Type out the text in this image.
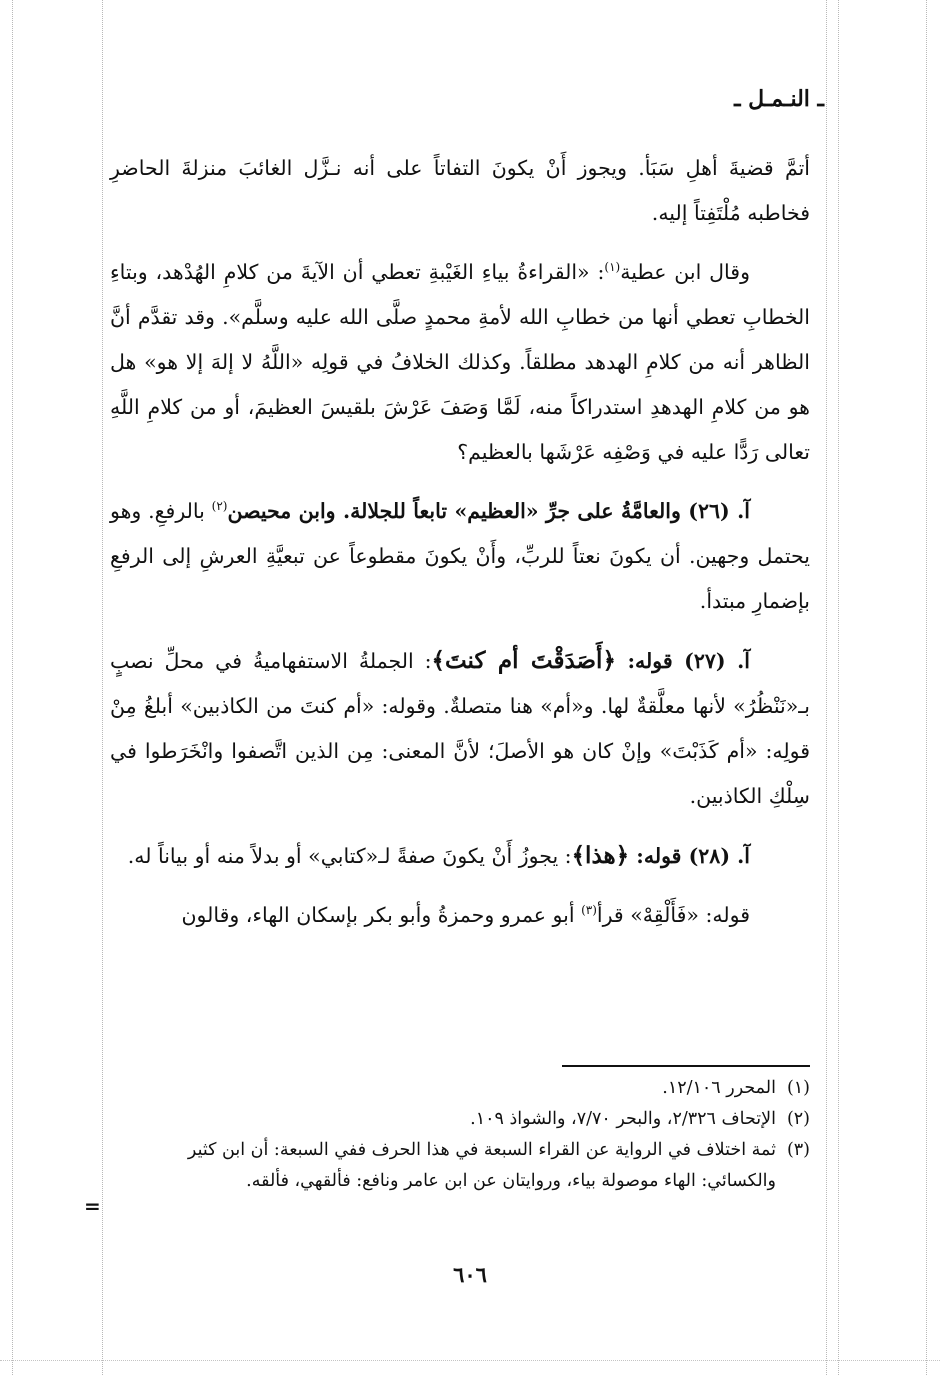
ـ النـمـل ـ

أتمَّ قضيةَ أهلِ سَبَأ. ويجوز أَنْ يكونَ التفاتاً على أنه نـزَّل الغائبَ منزلةَ الحاضرِ فخاطبه مُلْتَفِتاً إليه.

وقال ابن عطية$^{(١)}$: «القراءةُ بياءِ الغَيْبةِ تعطي أن الآيةَ من كلامِ الهُدْهد، وبتاءِ الخطابِ تعطي أنها من خطابِ الله لأمةِ محمدٍ صلَّى الله عليه وسلَّم». وقد تقدَّم أنَّ الظاهر أنه من كلامِ الهدهد مطلقاً. وكذلك الخلافُ في قولِه «اللَّهُ لا إلهَ إلا هو» هل هو من كلامِ الهدهدِ استدراكاً منه، لَمَّا وَصَفَ عَرْشَ بلقيسَ العظيمَ، أو من كلامِ اللَّهِ تعالى رَدًّا عليه في وَصْفِه عَرْشَها بالعظيم؟

آ. (٢٦) والعامَّةُ على جرِّ «العظيم» تابعاً للجلالة. وابن محيصن$^{(٢)}$ بالرفعِ. وهو يحتمل وجهين. أن يكونَ نعتاً للربِّ، وأَنْ يكونَ مقطوعاً عن تبعيَّةِ العرشِ إلى الرفعِ بإضمارِ مبتدأ.

آ. (٢٧) قوله: ﴿أَصَدَقْتَ أم كنتَ﴾: الجملةُ الاستفهاميةُ في محلِّ نصبٍ بـ«نَنْظُرُ» لأنها معلَّقةٌ لها. و«أم» هنا متصلةٌ. وقوله: «أم كنتَ من الكاذبين» أبلغُ مِنْ قولِه: «أم كَذَبْتَ» وإنْ كان هو الأصلَ؛ لأنَّ المعنى: مِن الذين اتَّصفوا وانْخَرَطوا في سِلْكِ الكاذبين.

آ. (٢٨) قوله: ﴿هذا﴾: يجوزُ أَنْ يكونَ صفةً لـ«كتابي» أو بدلاً منه أو بياناً له.

قوله: «فَأَلْقِهْ» قرأ$^{(٣)}$ أبو عمرو وحمزةُ وأبو بكر بإسكان الهاء، وقالون

(١)
المحرر ١٢/١٠٦.
(٢)
الإتحاف ٢/٣٢٦، والبحر ٧/٧٠، والشواذ ١٠٩.
(٣)
ثمة اختلاف في الرواية عن القراء السبعة في هذا الحرف ففي السبعة: أن ابن كثير والكسائي: الهاء موصولة بياء، وروايتان عن ابن عامر ونافع: فألقهي، فألقه.
=
٦٠٦
